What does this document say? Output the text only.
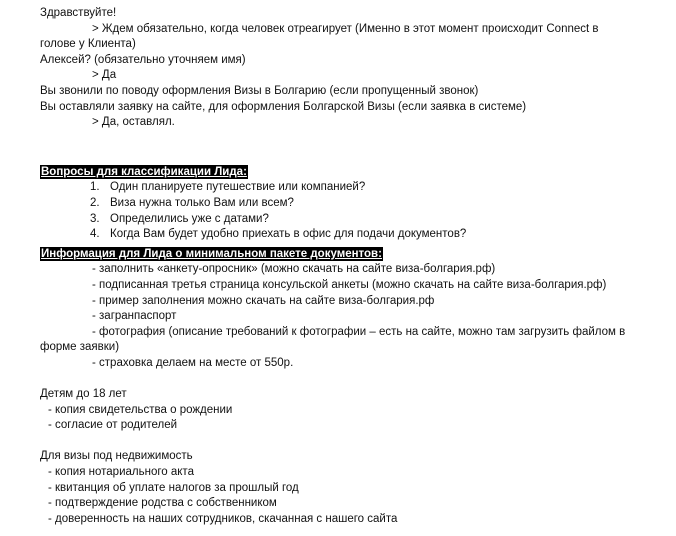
Здравствуйте!
> Ждем обязательно, когда человек отреагирует (Именно в этот момент происходит Connect в
голове у Клиента)
Алексей? (обязательно уточняем имя)
> Да
Вы звонили по поводу оформления Визы в Болгарию (если пропущенный звонок)
Вы оставляли заявку на сайте, для оформления Болгарской Визы (если заявка в системе)
> Да, оставлял.
Вопросы для классификации Лида:
1. Один планируете путешествие или компанией?
2. Виза нужна только Вам или всем?
3. Определились уже с датами?
4. Когда Вам будет удобно приехать в офис для подачи документов?
Информация для Лида о минимальном пакете документов:
- заполнить «анкету-опросник» (можно скачать на сайте виза-болгария.рф)
- подписанная третья страница консульской анкеты (можно скачать на сайте виза-болгария.рф)
- пример заполнения можно скачать на сайте виза-болгария.рф
- загранпаспорт
- фотография (описание требований к фотографии – есть на сайте, можно там загрузить файлом в
форме заявки)
- страховка делаем на месте от 550р.
Детям до 18 лет
- копия свидетельства о рождении
- согласие от родителей
Для визы под недвижимость
- копия нотариального акта
- квитанция об уплате налогов за прошлый год
- подтверждение родства с собственником
- доверенность на наших сотрудников, скачанная с нашего сайта
